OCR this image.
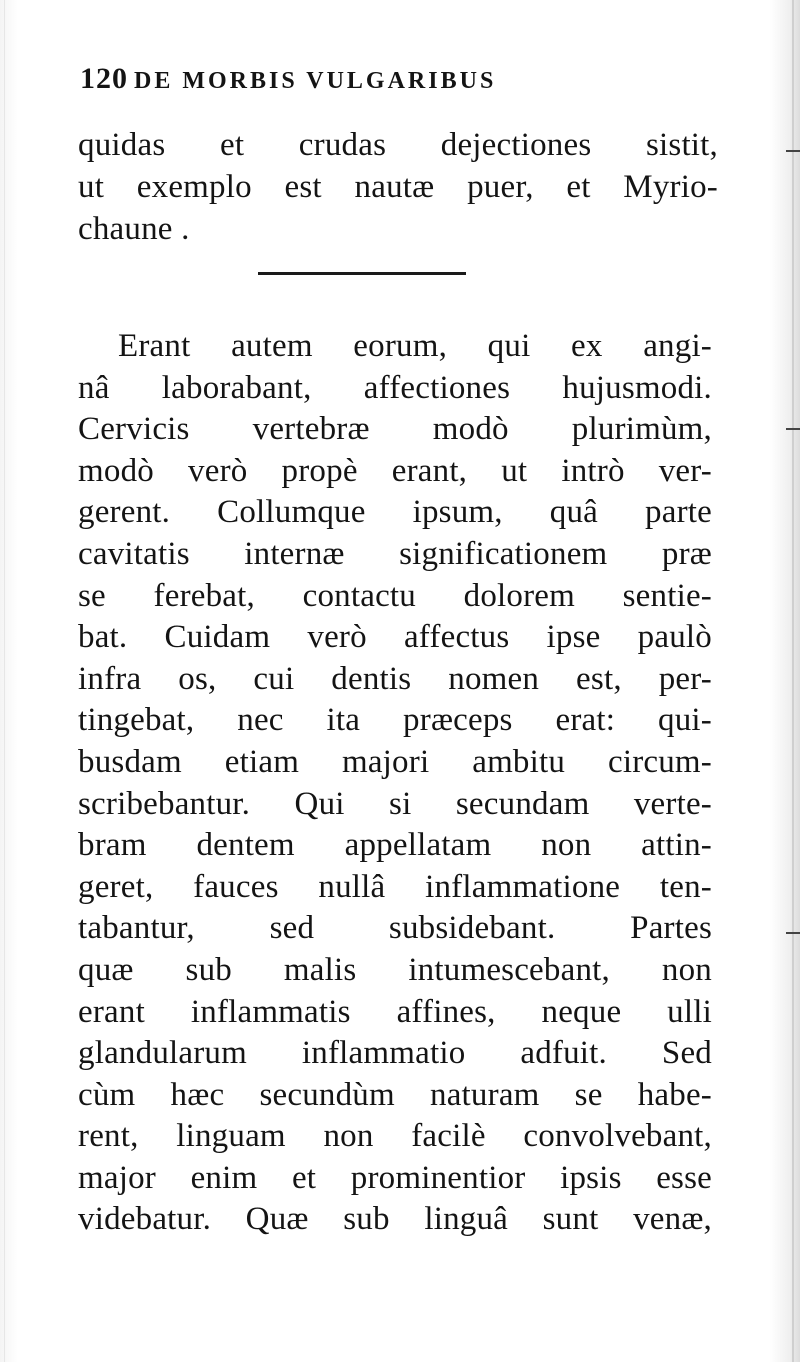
120 DE MORBIS VULGARIBUS
quidas et crudas dejectiones sistit,
ut exemplo est nautæ puer, et Myrio-
chaune .
Erant autem eorum, qui ex angi-
nâ laborabant, affectiones hujusmodi.
Cervicis vertebræ modò plurimùm,
modò verò propè erant, ut intrò ver-
gerent. Collumque ipsum, quâ parte
cavitatis internæ significationem præ
se ferebat, contactu dolorem sentie-
bat. Cuidam verò affectus ipse paulò
infra os, cui dentis nomen est, per-
tingebat, nec ita præceps erat: qui-
busdam etiam majori ambitu circum-
scribebantur. Qui si secundam verte-
bram dentem appellatam non attin-
geret, fauces nullâ inflammatione ten-
tabantur, sed subsidebant. Partes
quæ sub malis intumescebant, non
erant inflammatis affines, neque ulli
glandularum inflammatio adfuit. Sed
cùm hæc secundùm naturam se habe-
rent, linguam non facilè convolvebant,
major enim et prominentior ipsis esse
videbatur. Quæ sub linguâ sunt venæ,
